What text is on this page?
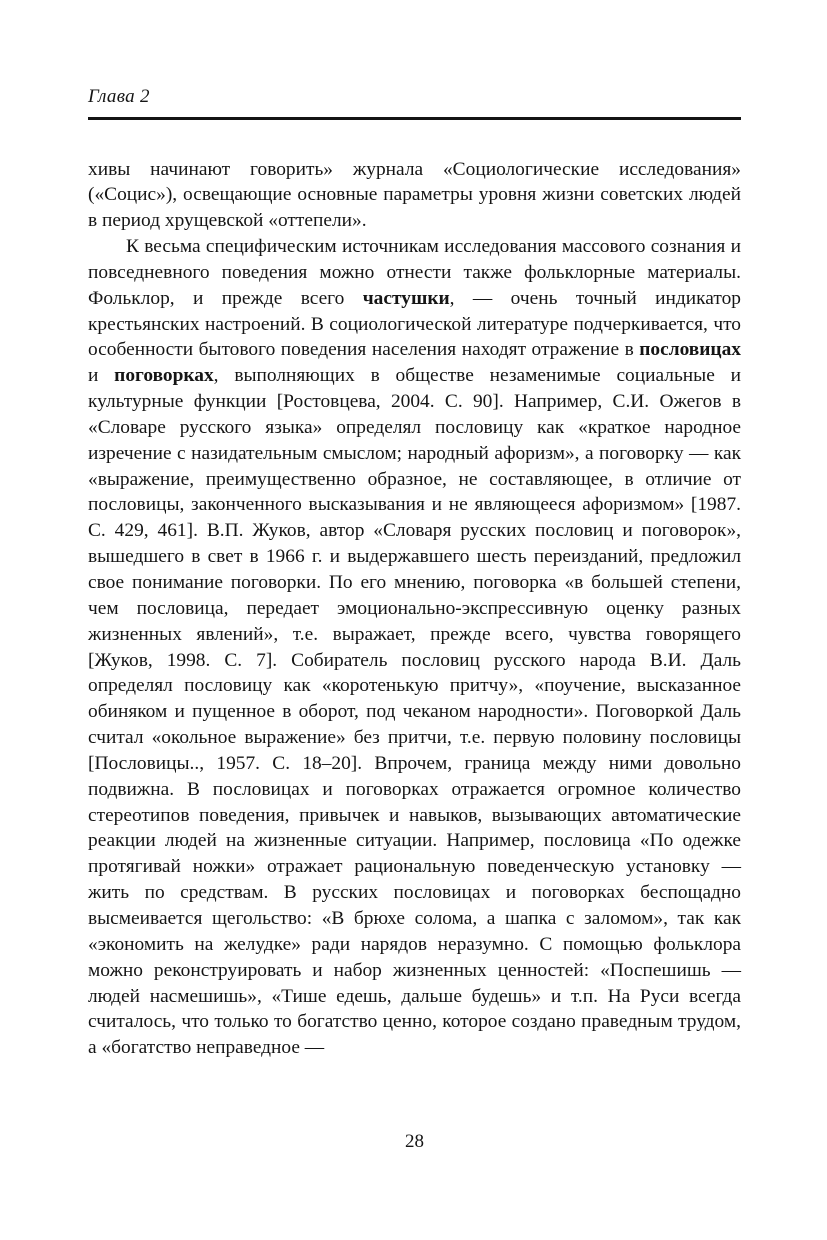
Глава 2

хивы начинают говорить» журнала «Социологические исследования» («Социс»), освещающие основные параметры уровня жизни советских людей в период хрущевской «оттепели».

К весьма специфическим источникам исследования массового сознания и повседневного поведения можно отнести также фольклорные материалы. Фольклор, и прежде всего частушки, — очень точный индикатор крестьянских настроений. В социологической литературе подчеркивается, что особенности бытового поведения населения находят отражение в пословицах и поговорках, выполняющих в обществе незаменимые социальные и культурные функции [Ростовцева, 2004. С. 90]. Например, С.И. Ожегов в «Словаре русского языка» определял пословицу как «краткое народное изречение с назидательным смыслом; народный афоризм», а поговорку — как «выражение, преимущественно образное, не составляющее, в отличие от пословицы, законченного высказывания и не являющееся афоризмом» [1987. С. 429, 461]. В.П. Жуков, автор «Словаря русских пословиц и поговорок», вышедшего в свет в 1966 г. и выдержавшего шесть переизданий, предложил свое понимание поговорки. По его мнению, поговорка «в большей степени, чем пословица, передает эмоционально-экспрессивную оценку разных жизненных явлений», т.е. выражает, прежде всего, чувства говорящего [Жуков, 1998. С. 7]. Собиратель пословиц русского народа В.И. Даль определял пословицу как «коротенькую притчу», «поучение, высказанное обиняком и пущенное в оборот, под чеканом народности». Поговоркой Даль считал «окольное выражение» без притчи, т.е. первую половину пословицы [Пословицы.., 1957. С. 18–20]. Впрочем, граница между ними довольно подвижна. В пословицах и поговорках отражается огромное количество стереотипов поведения, привычек и навыков, вызывающих автоматические реакции людей на жизненные ситуации. Например, пословица «По одежке протягивай ножки» отражает рациональную поведенческую установку — жить по средствам. В русских пословицах и поговорках беспощадно высмеивается щегольство: «В брюхе солома, а шапка с заломом», так как «экономить на желудке» ради нарядов неразумно. С помощью фольклора можно реконструировать и набор жизненных ценностей: «Поспешишь — людей насмешишь», «Тише едешь, дальше будешь» и т.п. На Руси всегда считалось, что только то богатство ценно, которое создано праведным трудом, а «богатство неправедное —

28
